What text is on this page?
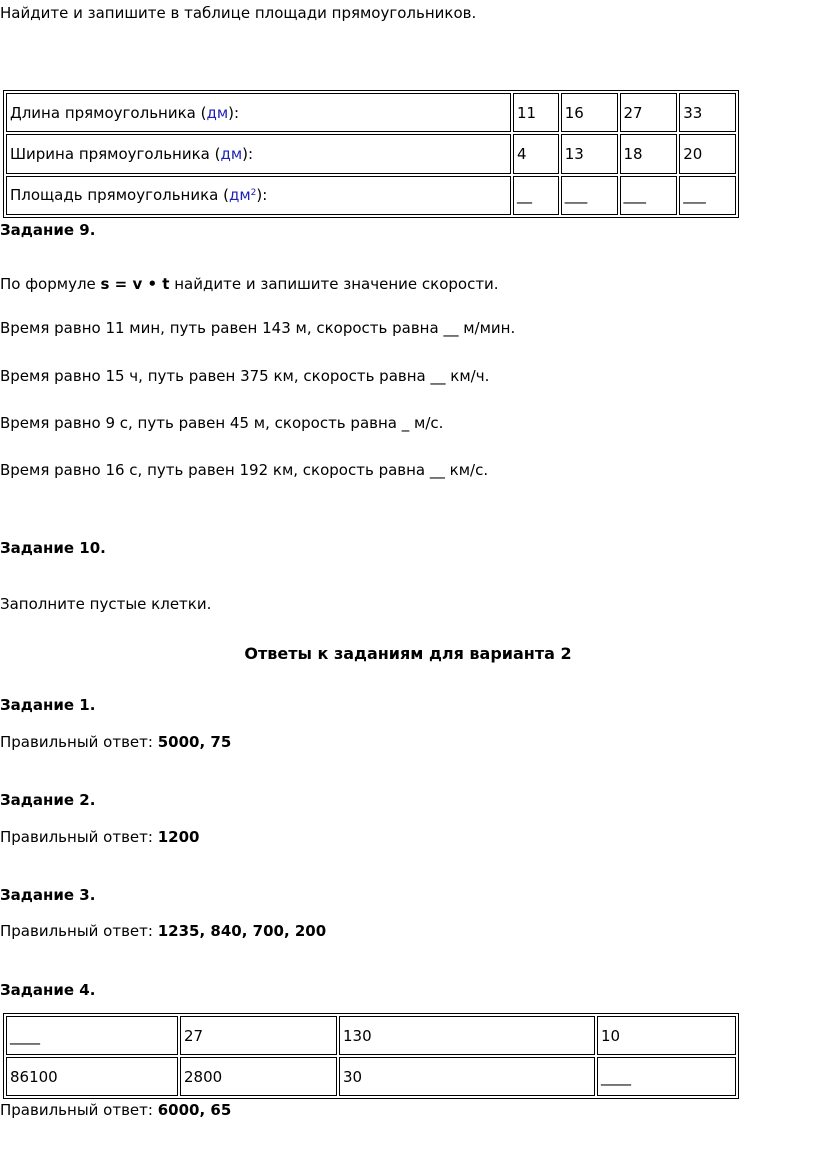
Найдите и запишите в таблице площади прямоугольников.
Длина прямоугольника (дм):	11	16	27	33
Ширина прямоугольника (дм):	4	13	18	20
Площадь прямоугольника $(дм^2)$:	__	___	___	___
Задание 9.
По формуле s = v • t найдите и запишите значение скорости.
Время равно 11 мин, путь равен 143 м, скорость равна __ м/мин.
Время равно 15 ч, путь равен 375 км, скорость равна __ км/ч.
Время равно 9 с, путь равен 45 м, скорость равна _ м/с.
Время равно 16 с, путь равен 192 км, скорость равна __ км/с.
Задание 10.
Заполните пустые клетки.
Ответы к заданиям для варианта 2
Задание 1.
Правильный ответ: 5000, 75
Задание 2.
Правильный ответ: 1200
Задание 3.
Правильный ответ: 1235, 840, 700, 200
Задание 4.
____	27	130	10
86100	2800	30	____
Правильный ответ: 6000, 65
